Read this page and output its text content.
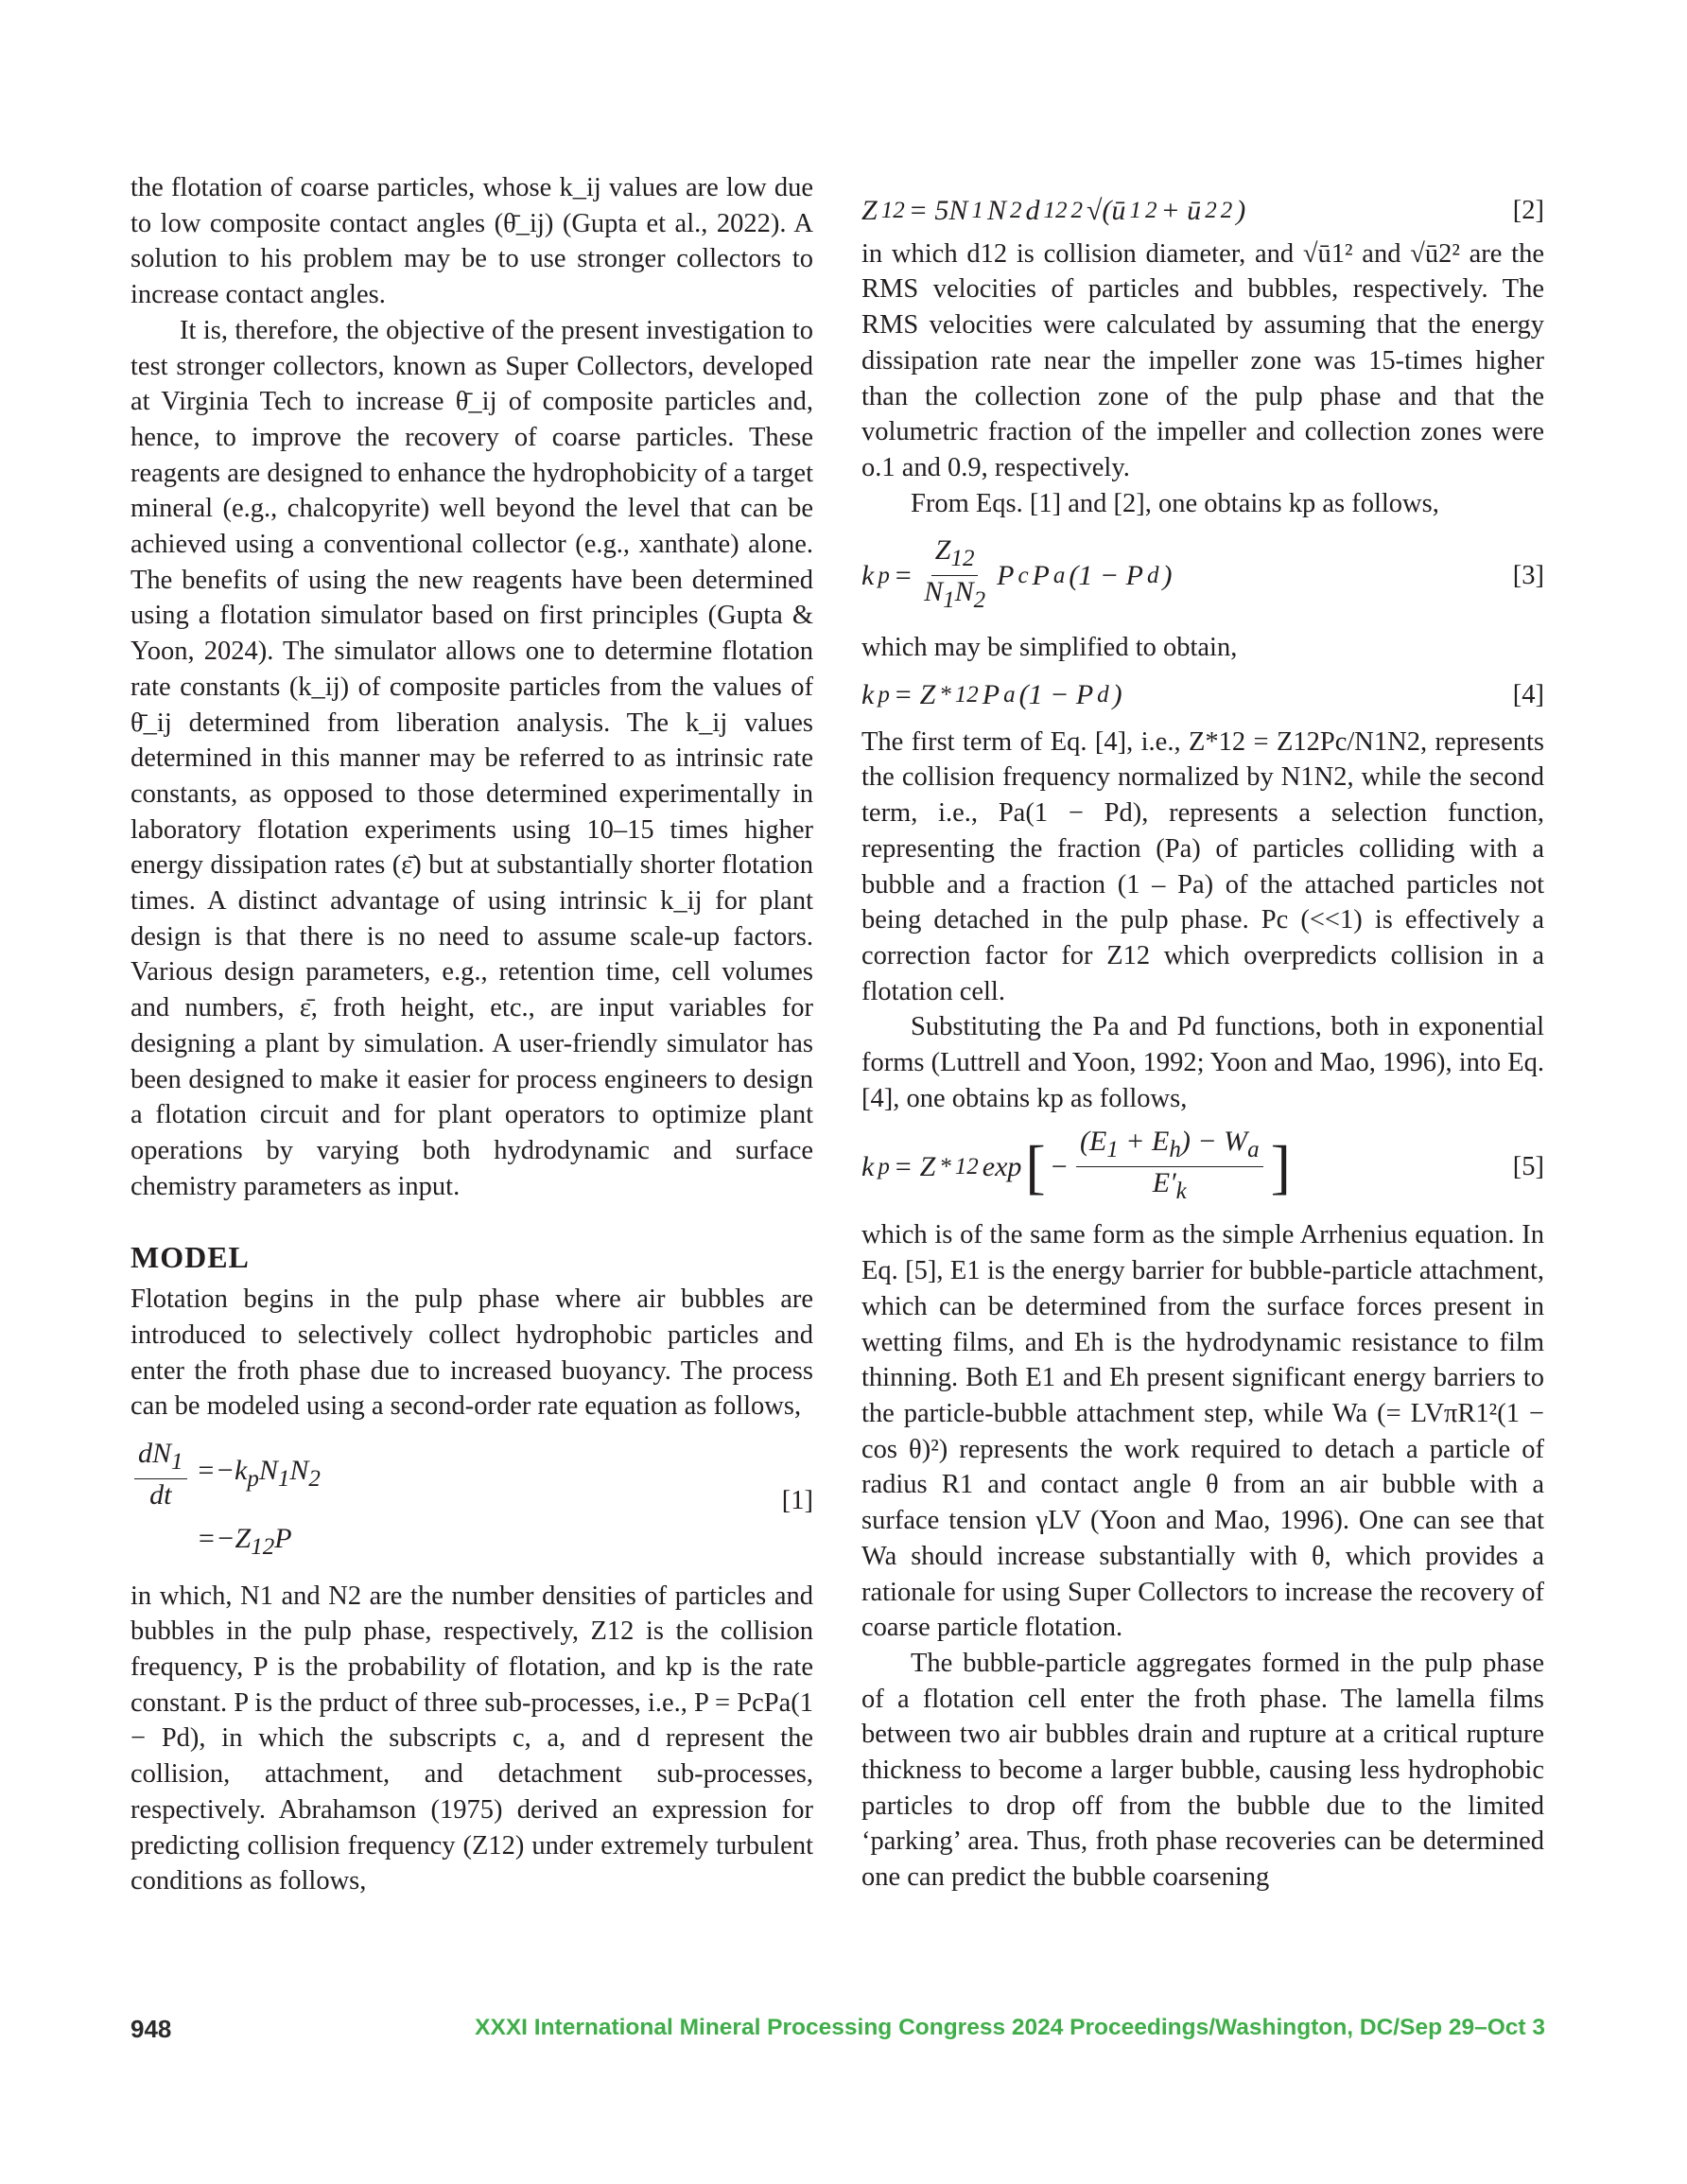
the flotation of coarse particles, whose k_ij values are low due to low composite contact angles (θ̄_ij) (Gupta et al., 2022). A solution to his problem may be to use stronger collectors to increase contact angles.

It is, therefore, the objective of the present investigation to test stronger collectors, known as Super Collectors, developed at Virginia Tech to increase θ̄_ij of composite particles and, hence, to improve the recovery of coarse particles. These reagents are designed to enhance the hydrophobicity of a target mineral (e.g., chalcopyrite) well beyond the level that can be achieved using a conventional collector (e.g., xanthate) alone. The benefits of using the new reagents have been determined using a flotation simulator based on first principles (Gupta & Yoon, 2024). The simulator allows one to determine flotation rate constants (k_ij) of composite particles from the values of θ̄_ij determined from liberation analysis. The k_ij values determined in this manner may be referred to as intrinsic rate constants, as opposed to those determined experimentally in laboratory flotation experiments using 10–15 times higher energy dissipation rates (ε̄) but at substantially shorter flotation times. A distinct advantage of using intrinsic k_ij for plant design is that there is no need to assume scale-up factors. Various design parameters, e.g., retention time, cell volumes and numbers, ε̄, froth height, etc., are input variables for designing a plant by simulation. A user-friendly simulator has been designed to make it easier for process engineers to design a flotation circuit and for plant operators to optimize plant operations by varying both hydrodynamic and surface chemistry parameters as input.

MODEL

Flotation begins in the pulp phase where air bubbles are introduced to selectively collect hydrophobic particles and enter the froth phase due to increased buoyancy. The process can be modeled using a second-order rate equation as follows,

$\frac{dN_1}{dt} =-k_pN_1N_2$
$=-Z_{12}P$
[1]

in which, N1 and N2 are the number densities of particles and bubbles in the pulp phase, respectively, Z12 is the collision frequency, P is the probability of flotation, and kp is the rate constant. P is the prduct of three sub-processes, i.e., P = PcPa(1 − Pd), in which the subscripts c, a, and d represent the collision, attachment, and detachment sub-processes, respectively. Abrahamson (1975) derived an expression for predicting collision frequency (Z12) under extremely turbulent conditions as follows,

Z 12 = 5N 1 N 2 d 12 2 √(ū 1 2 + ū 2 2 )	[2]

in which d12 is collision diameter, and √ū1² and √ū2² are the RMS velocities of particles and bubbles, respectively. The RMS velocities were calculated by assuming that the energy dissipation rate near the impeller zone was 15-times higher than the collection zone of the pulp phase and that the volumetric fraction of the impeller and collection zones were o.1 and 0.9, respectively.

From Eqs. [1] and [2], one obtains kp as follows,

k $p = \frac{Z_{12}}{N_1N_2}$ P c P a (1 − P d )	[3]

which may be simplified to obtain,

k p = Z * 12 P a (1 − P d )	[4]

The first term of Eq. [4], i.e., Z*12 = Z12Pc/N1N2, represents the collision frequency normalized by N1N2, while the second term, i.e., Pa(1 − Pd), represents a selection function, representing the fraction (Pa) of particles colliding with a bubble and a fraction (1 – Pa) of the attached particles not being detached in the pulp phase. Pc (<<1) is effectively a correction factor for Z12 which overpredicts collision in a flotation cell.

Substituting the Pa and Pd functions, both in exponential forms (Luttrell and Yoon, 1992; Yoon and Mao, 1996), into Eq. [4], one obtains kp as follows,

k p = Z * 12 exp [ − $\frac{(E_1 + E_h) - W_a}{E'_k}$ ]	[5]

which is of the same form as the simple Arrhenius equation. In Eq. [5], E1 is the energy barrier for bubble-particle attachment, which can be determined from the surface forces present in wetting films, and Eh is the hydrodynamic resistance to film thinning. Both E1 and Eh present significant energy barriers to the particle-bubble attachment step, while Wa (= LVπR1²(1 − cos θ)²) represents the work required to detach a particle of radius R1 and contact angle θ from an air bubble with a surface tension γLV (Yoon and Mao, 1996). One can see that Wa should increase substantially with θ, which provides a rationale for using Super Collectors to increase the recovery of coarse particle flotation.

The bubble-particle aggregates formed in the pulp phase of a flotation cell enter the froth phase. The lamella films between two air bubbles drain and rupture at a critical rupture thickness to become a larger bubble, causing less hydrophobic particles to drop off from the bubble due to the limited ‘parking’ area. Thus, froth phase recoveries can be determined one can predict the bubble coarsening

948	XXXI International Mineral Processing Congress 2024 Proceedings/Washington, DC/Sep 29–Oct 3
